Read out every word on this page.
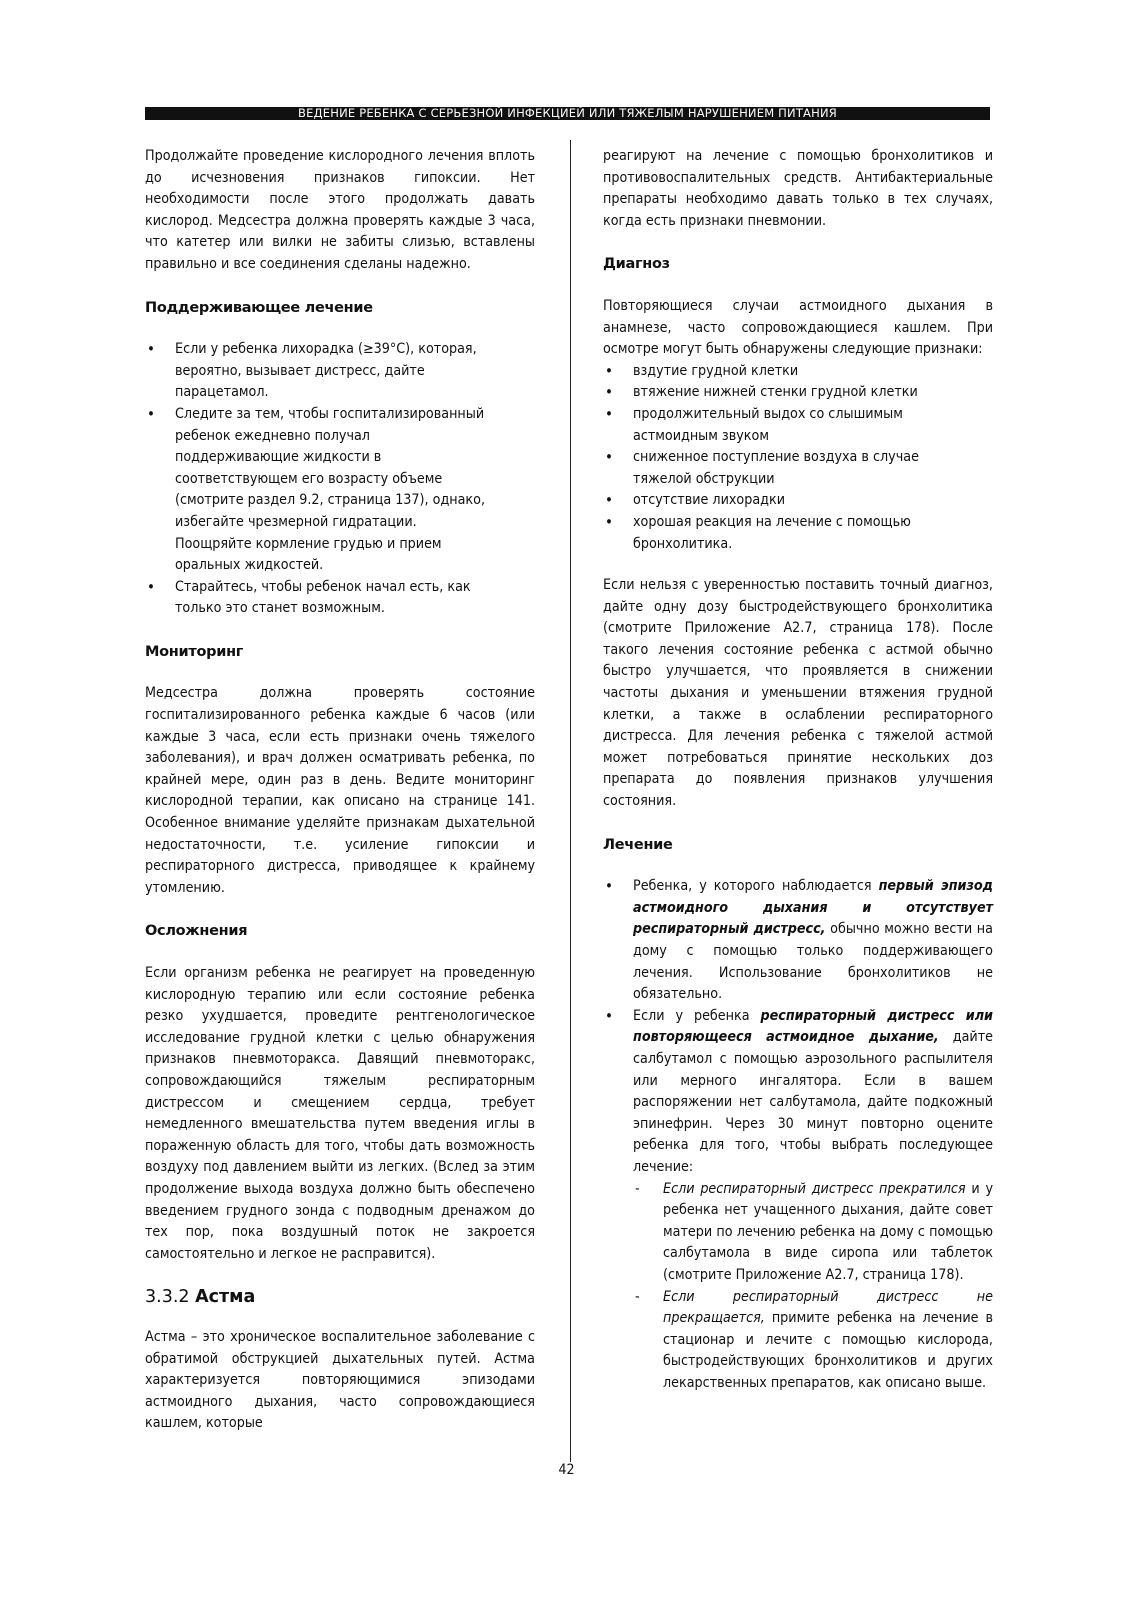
ВЕДЕНИЕ РЕБЕНКА С СЕРЬЕЗНОЙ ИНФЕКЦИЕЙ ИЛИ ТЯЖЕЛЫМ НАРУШЕНИЕМ ПИТАНИЯ

Продолжайте проведение кислородного лечения вплоть до исчезновения признаков гипоксии. Нет необходимости после этого продолжать давать кислород. Медсестра должна проверять каждые 3 часа, что катетер или вилки не забиты слизью, вставлены правильно и все соединения сделаны надежно.

Поддерживающее лечение
• Если у ребенка лихорадка (≥39°C), которая, вероятно, вызывает дистресс, дайте парацетамол.
• Следите за тем, чтобы госпитализированный ребенок ежедневно получал поддерживающие жидкости в соответствующем его возрасту объеме (смотрите раздел 9.2, страница 137), однако, избегайте чрезмерной гидратации. Поощряйте кормление грудью и прием оральных жидкостей.
• Старайтесь, чтобы ребенок начал есть, как только это станет возможным.
Мониторинг

Медсестра должна проверять состояние госпитализированного ребенка каждые 6 часов (или каждые 3 часа, если есть признаки очень тяжелого заболевания), и врач должен осматривать ребенка, по крайней мере, один раз в день. Ведите мониторинг кислородной терапии, как описано на странице 141. Особенное внимание уделяйте признакам дыхательной недостаточности, т.е. усиление гипоксии и респираторного дистресса, приводящее к крайнему утомлению.

Осложнения

Если организм ребенка не реагирует на проведенную кислородную терапию или если состояние ребенка резко ухудшается, проведите рентгенологическое исследование грудной клетки с целью обнаружения признаков пневмоторакса. Давящий пневмоторакс, сопровождающийся тяжелым респираторным дистрессом и смещением сердца, требует немедленного вмешательства путем введения иглы в пораженную область для того, чтобы дать возможность воздуху под давлением выйти из легких. (Вслед за этим продолжение выхода воздуха должно быть обеспечено введением грудного зонда с подводным дренажом до тех пор, пока воздушный поток не закроется самостоятельно и легкое не расправится).

3.3.2 Астма

Астма – это хроническое воспалительное заболевание с обратимой обструкцией дыхательных путей. Астма характеризуется повторяющимися эпизодами астмоидного дыхания, часто сопровождающиеся кашлем, которые

реагируют на лечение с помощью бронхолитиков и противовоспалительных средств. Антибактериальные препараты необходимо давать только в тех случаях, когда есть признаки пневмонии.

Диагноз

Повторяющиеся случаи астмоидного дыхания в анамнезе, часто сопровождающиеся кашлем. При осмотре могут быть обнаружены следующие признаки:

• вздутие грудной клетки
• втяжение нижней стенки грудной клетки
• продолжительный выдох со слышимым астмоидным звуком
• сниженное поступление воздуха в случае тяжелой обструкции
• отсутствие лихорадки
• хорошая реакция на лечение с помощью бронхолитика.

Если нельзя с уверенностью поставить точный диагноз, дайте одну дозу быстродействующего бронхолитика (смотрите Приложение A2.7, страница 178). После такого лечения состояние ребенка с астмой обычно быстро улучшается, что проявляется в снижении частоты дыхания и уменьшении втяжения грудной клетки, а также в ослаблении респираторного дистресса. Для лечения ребенка с тяжелой астмой может потребоваться принятие нескольких доз препарата до появления признаков улучшения состояния.

Лечение
• Ребенка, у которого наблюдается первый эпизод астмоидного дыхания и отсутствует респираторный дистресс, обычно можно вести на дому с помощью только поддерживающего лечения. Использование бронхолитиков не обязательно.
• Если у ребенка респираторный дистресс или повторяющееся астмоидное дыхание, дайте салбутамол с помощью аэрозольного распылителя или мерного ингалятора. Если в вашем распоряжении нет салбутамола, дайте подкожный эпинефрин. Через 30 минут повторно оцените ребенка для того, чтобы выбрать последующее лечение:
- Если респираторный дистресс прекратился и у ребенка нет учащенного дыхания, дайте совет матери по лечению ребенка на дому с помощью салбутамола в виде сиропа или таблеток (смотрите Приложение A2.7, страница 178).
- Если респираторный дистресс не прекращается, примите ребенка на лечение в стационар и лечите с помощью кислорода, быстродействующих бронхолитиков и других лекарственных препаратов, как описано выше.
42
